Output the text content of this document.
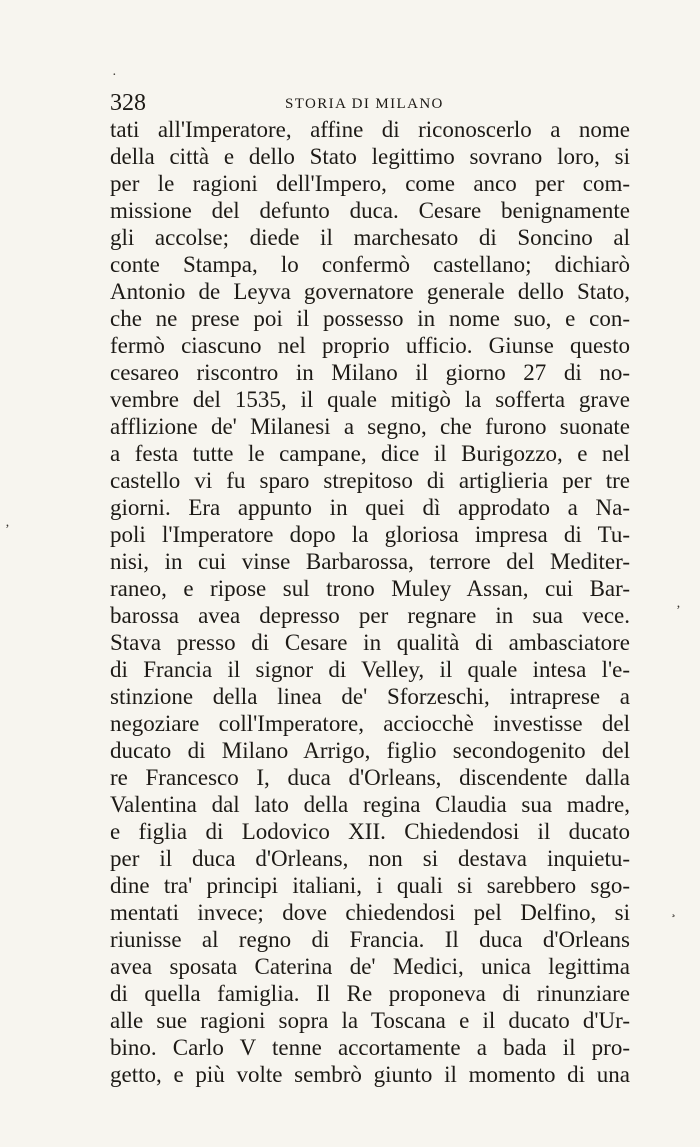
328	STORIA DI MILANO
tati all'Imperatore, affine di riconoscerlo a nome
della città e dello Stato legittimo sovrano loro, si
per le ragioni dell'Impero, come anco per com-
missione del defunto duca. Cesare benignamente
gli accolse; diede il marchesato di Soncino al
conte Stampa, lo confermò castellano; dichiarò
Antonio de Leyva governatore generale dello Stato,
che ne prese poi il possesso in nome suo, e con-
fermò ciascuno nel proprio ufficio. Giunse questo
cesareo riscontro in Milano il giorno 27 di no-
vembre del 1535, il quale mitigò la sofferta grave
afflizione de' Milanesi a segno, che furono suonate
a festa tutte le campane, dice il Burigozzo, e nel
castello vi fu sparo strepitoso di artiglieria per tre
giorni. Era appunto in quei dì approdato a Na-
poli l'Imperatore dopo la gloriosa impresa di Tu-
nisi, in cui vinse Barbarossa, terrore del Mediter-
raneo, e ripose sul trono Muley Assan, cui Bar-
barossa avea depresso per regnare in sua vece.
Stava presso di Cesare in qualità di ambasciatore
di Francia il signor di Velley, il quale intesa l'e-
stinzione della linea de' Sforzeschi, intraprese a
negoziare coll'Imperatore, acciocchè investisse del
ducato di Milano Arrigo, figlio secondogenito del
re Francesco I, duca d'Orleans, discendente dalla
Valentina dal lato della regina Claudia sua madre,
e figlia di Lodovico XII. Chiedendosi il ducato
per il duca d'Orleans, non si destava inquietu-
dine tra' principi italiani, i quali si sarebbero sgo-
mentati invece; dove chiedendosi pel Delfino, si
riunisse al regno di Francia. Il duca d'Orleans
avea sposata Caterina de' Medici, unica legittima
di quella famiglia. Il Re proponeva di rinunziare
alle sue ragioni sopra la Toscana e il ducato d'Ur-
bino. Carlo V tenne accortamente a bada il pro-
getto, e più volte sembrò giunto il momento di una
·
‚
‚
¸
